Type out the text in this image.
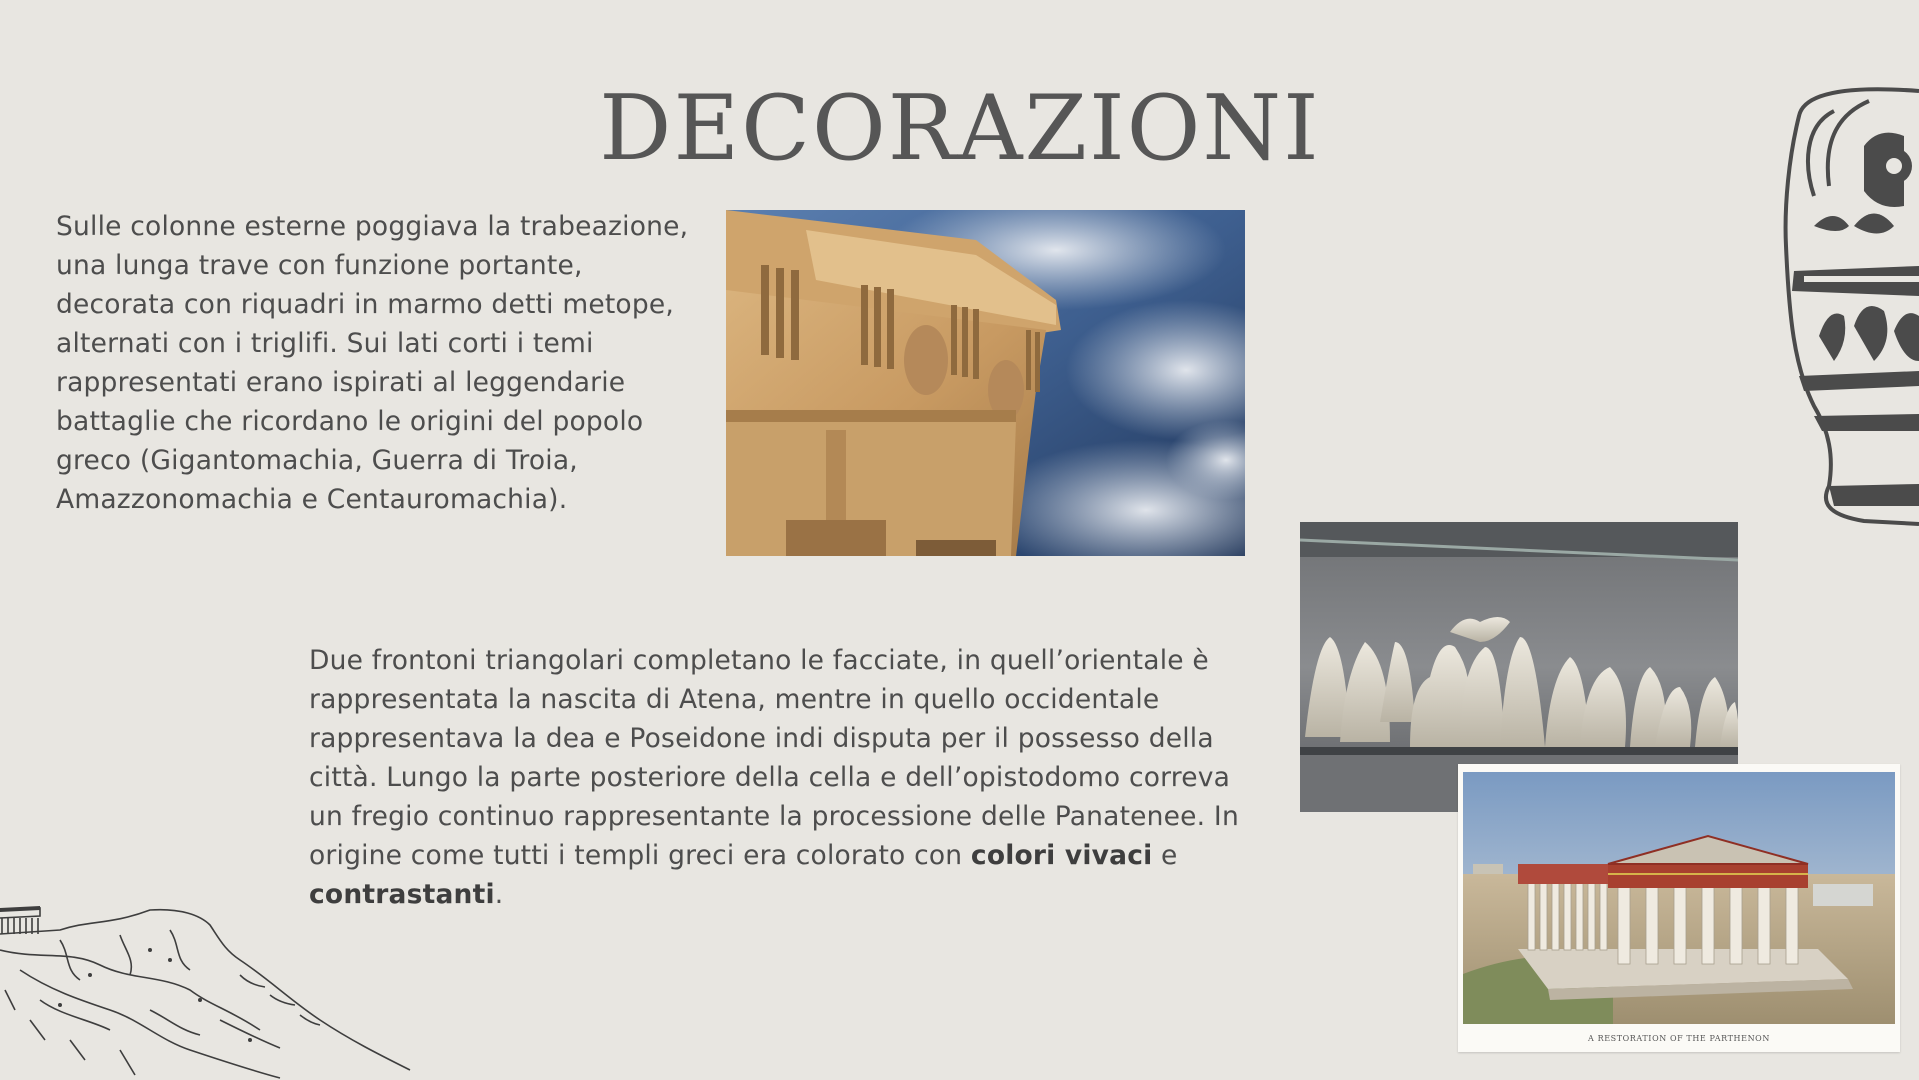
DECORAZIONI
Sulle colonne esterne poggiava la trabeazione, una lunga trave con funzione portante, decorata con riquadri in marmo detti metope, alternati con i triglifi. Sui lati corti i temi rappresentati erano ispirati al leggendarie battaglie che ricordano le origini del popolo greco (Gigantomachia, Guerra di Troia, Amazzonomachia e Centauromachia).
Due frontoni triangolari completano le facciate, in quell’orientale è rappresentata la nascita di Atena, mentre in quello occidentale rappresentava la dea e Poseidone indi disputa per il possesso della città. Lungo la parte posteriore della cella e dell’opistodomo correva un fregio continuo rappresentante la processione delle Panatenee. In origine come tutti i templi greci era colorato con colori vivaci e contrastanti.
A RESTORATION OF THE PARTHENON
